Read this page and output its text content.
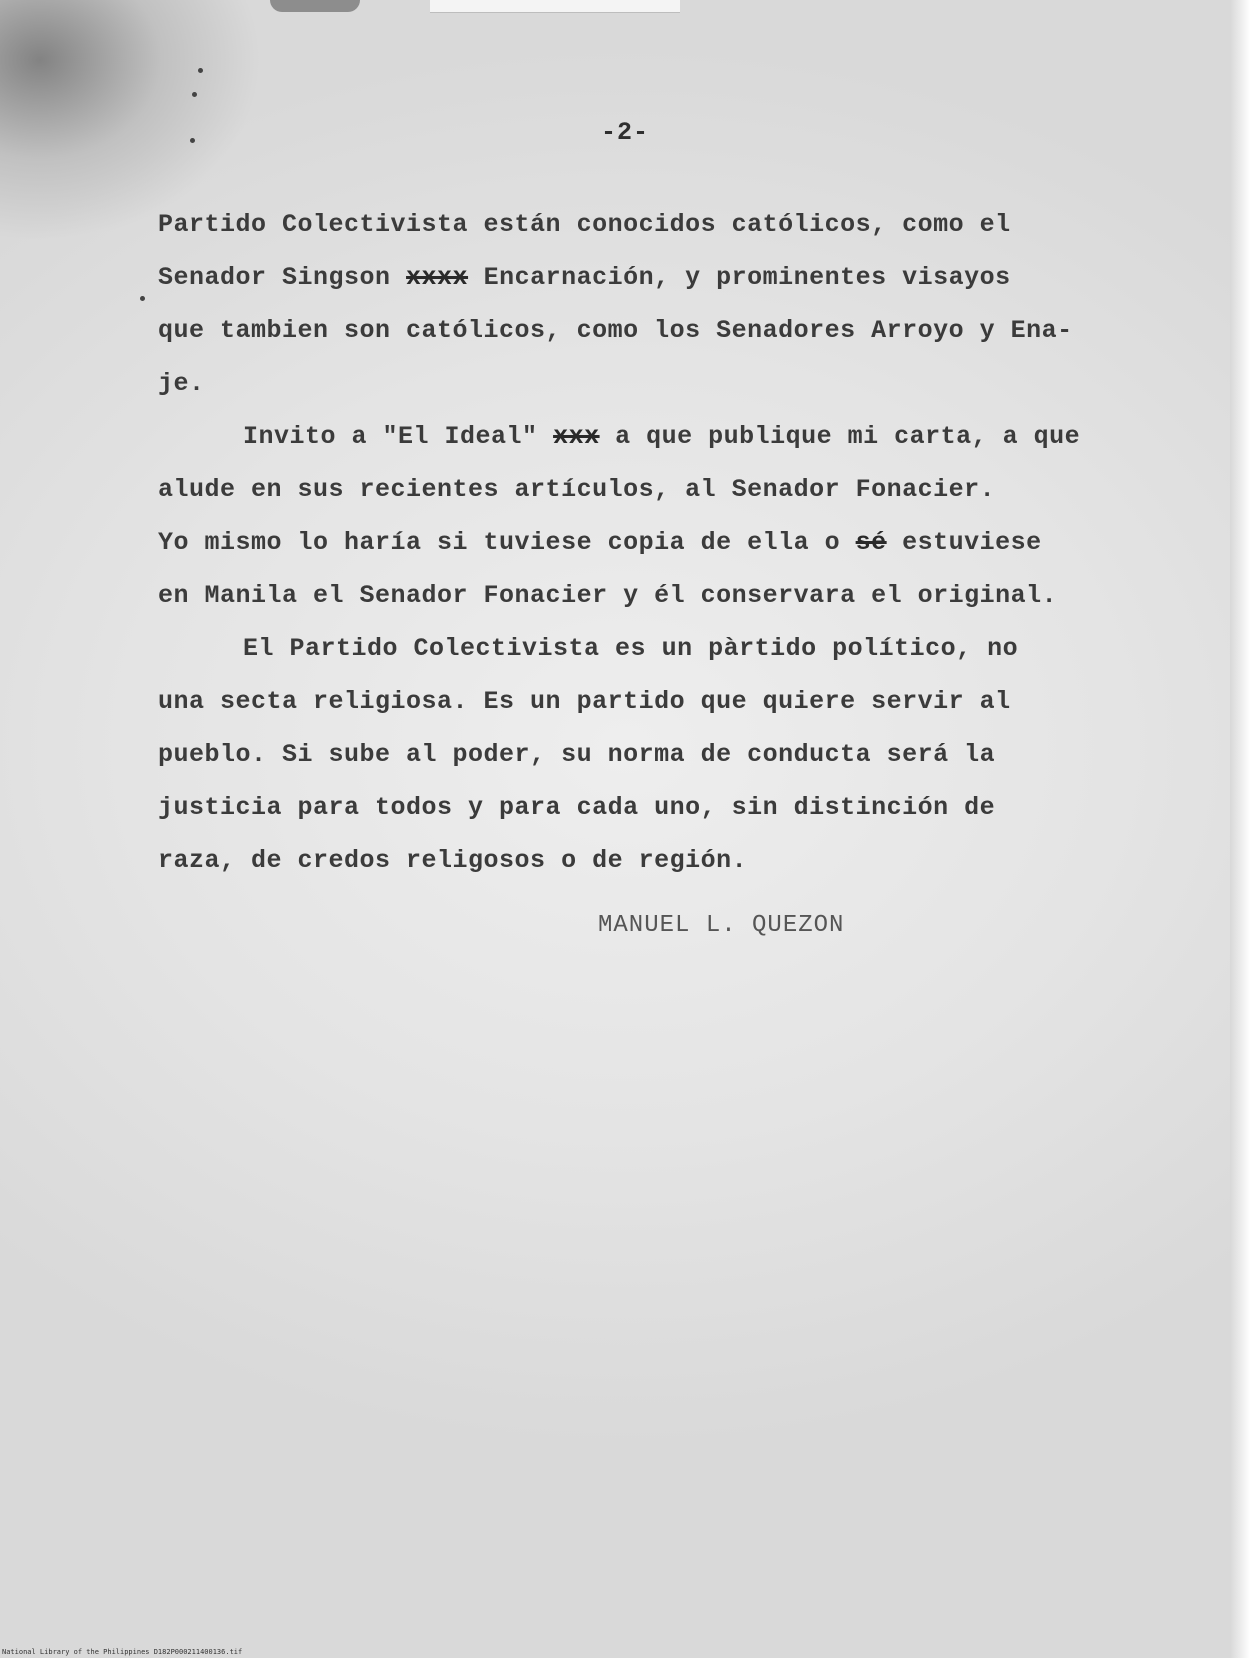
-2-
Partido Colectivista están conocidos católicos, como el
Senador Singson xxxx Encarnación, y prominentes visayos
que tambien son católicos, como los Senadores Arroyo y Ena-
je.
Invito a "El Ideal" xxx a que publique mi carta, a que
alude en sus recientes artículos, al Senador Fonacier.
Yo mismo lo haría si tuviese copia de ella o sé estuviese
en Manila el Senador Fonacier y él conservara el original.
El Partido Colectivista es un pàrtido político, no
una secta religiosa. Es un partido que quiere servir al
pueblo. Si sube al poder, su norma de conducta será la
justicia para todos y para cada uno, sin distinción de
raza, de credos religosos o de región.
MANUEL L. QUEZON
National Library of the Philippines D182P000211400136.tif
